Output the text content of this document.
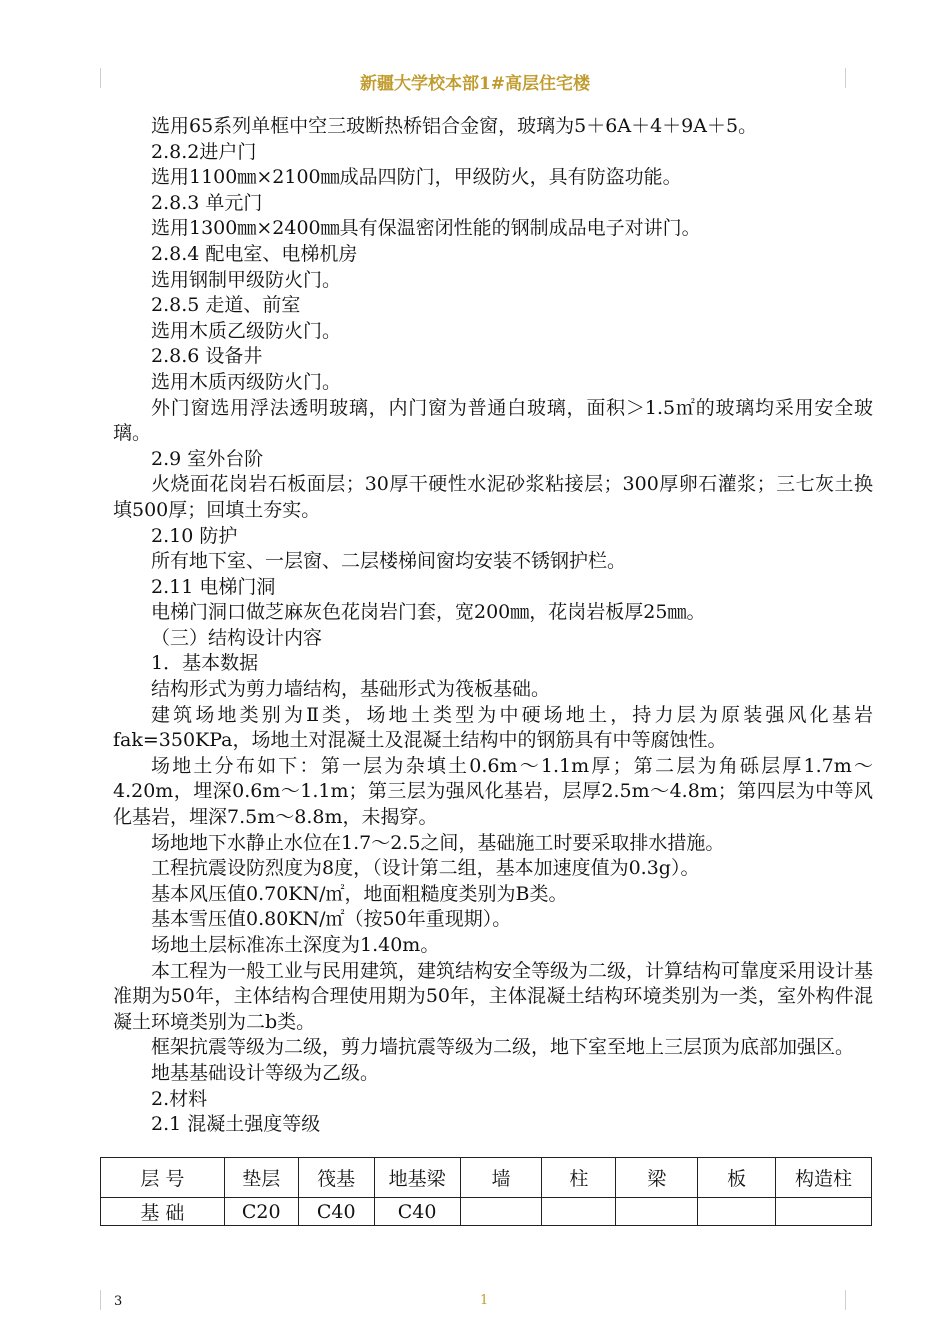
新疆大学校本部1#高层住宅楼

选用65系列单框中空三玻断热桥铝合金窗，玻璃为5＋6A＋4＋9A＋5。

2.8.2进户门

选用1100㎜×2100㎜成品四防门，甲级防火，具有防盗功能。

2.8.3 单元门

选用1300㎜×2400㎜具有保温密闭性能的钢制成品电子对讲门。

2.8.4 配电室、电梯机房

选用钢制甲级防火门。

2.8.5 走道、前室

选用木质乙级防火门。

2.8.6 设备井

选用木质丙级防火门。

外门窗选用浮法透明玻璃，内门窗为普通白玻璃，面积＞1.5㎡的玻璃均采用安全玻璃。

2.9 室外台阶

火烧面花岗岩石板面层；30厚干硬性水泥砂浆粘接层；300厚卵石灌浆；三七灰土换填500厚；回填土夯实。

2.10 防护

所有地下室、一层窗、二层楼梯间窗均安装不锈钢护栏。

2.11 电梯门洞

电梯门洞口做芝麻灰色花岗岩门套，宽200㎜，花岗岩板厚25㎜。

（三）结构设计内容

1．基本数据

结构形式为剪力墙结构，基础形式为筏板基础。

建筑场地类别为Ⅱ类，场地土类型为中硬场地土，持力层为原装强风化基岩fak=350KPa，场地土对混凝土及混凝土结构中的钢筋具有中等腐蚀性。

场地土分布如下：第一层为杂填土0.6m～1.1m厚；第二层为角砾层厚1.7m～4.20m，埋深0.6m～1.1m；第三层为强风化基岩，层厚2.5m～4.8m；第四层为中等风化基岩，埋深7.5m～8.8m，未揭穿。

场地地下水静止水位在1.7～2.5之间，基础施工时要采取排水措施。

工程抗震设防烈度为8度，（设计第二组，基本加速度值为0.3g）。

基本风压值0.70KN/㎡，地面粗糙度类别为B类。

基本雪压值0.80KN/㎡（按50年重现期）。

场地土层标准冻土深度为1.40m。

本工程为一般工业与民用建筑，建筑结构安全等级为二级，计算结构可靠度采用设计基准期为50年，主体结构合理使用期为50年，主体混凝土结构环境类别为一类，室外构件混凝土环境类别为二b类。

框架抗震等级为二级，剪力墙抗震等级为二级，地下室至地上三层顶为底部加强区。

地基基础设计等级为乙级。

2.材料

2.1 混凝土强度等级

层 号	垫层	筏基	地基梁	墙	柱	梁	板	构造柱
基 础	C20	C40	C40					
3	1
